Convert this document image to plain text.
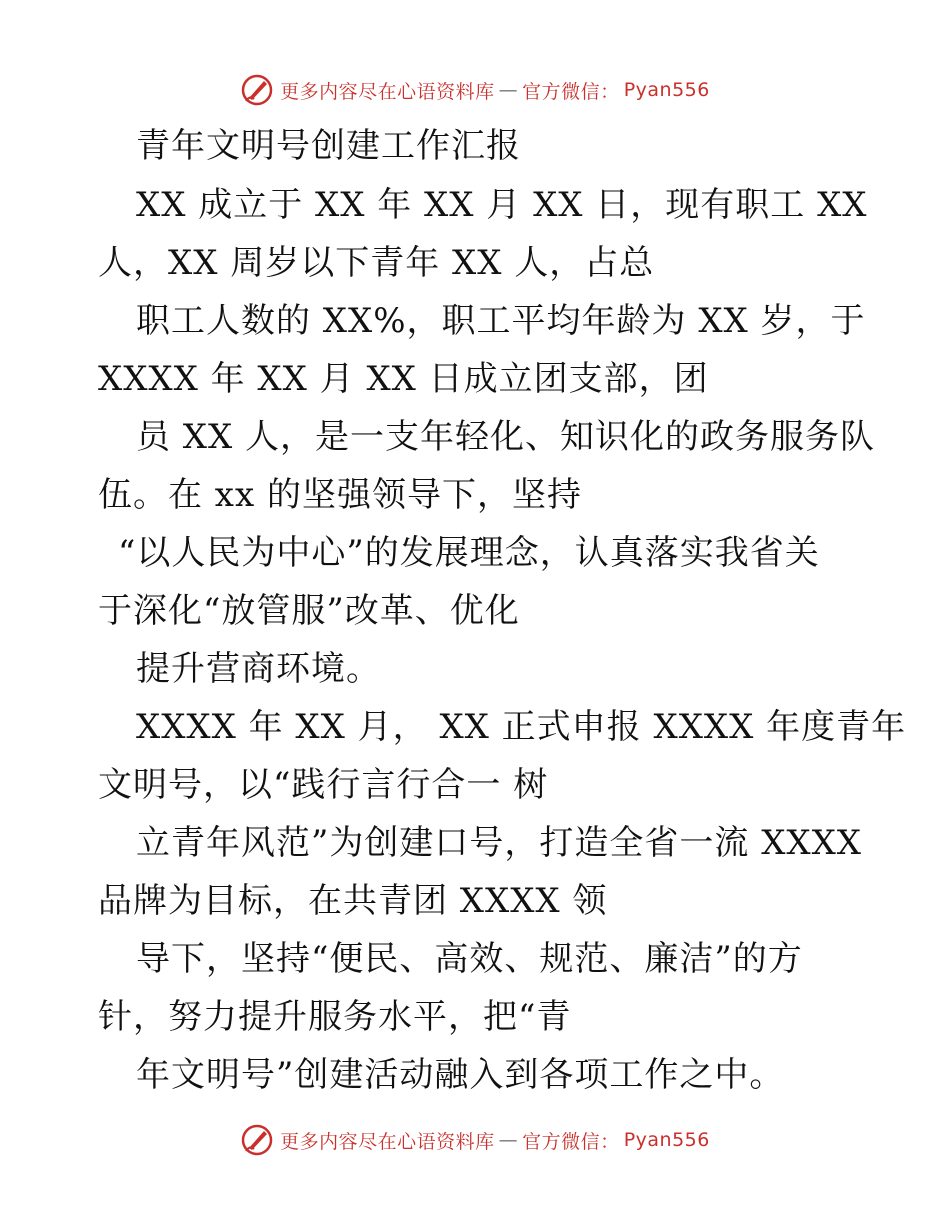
更多内容尽在心语资料库 — 官方微信： Pyan556
青年文明号创建工作汇报
XX 成立于 XX 年 XX 月 XX 日，现有职工 XX
人，XX 周岁以下青年 XX 人，占总
职工人数的 XX%，职工平均年龄为 XX 岁，于
XXXX 年 XX 月 XX 日成立团支部，团
员 XX 人，是一支年轻化、知识化的政务服务队
伍。在 xx 的坚强领导下，坚持
“以人民为中心”的发展理念，认真落实我省关
于深化“放管服”改革、优化
提升营商环境。
XXXX 年 XX 月， XX 正式申报 XXXX 年度青年
文明号，以“践行言行合一 树
立青年风范”为创建口号，打造全省一流 XXXX
品牌为目标，在共青团 XXXX 领
导下，坚持“便民、高效、规范、廉洁”的方
针，努力提升服务水平，把“青
年文明号”创建活动融入到各项工作之中。
更多内容尽在心语资料库 — 官方微信： Pyan556
